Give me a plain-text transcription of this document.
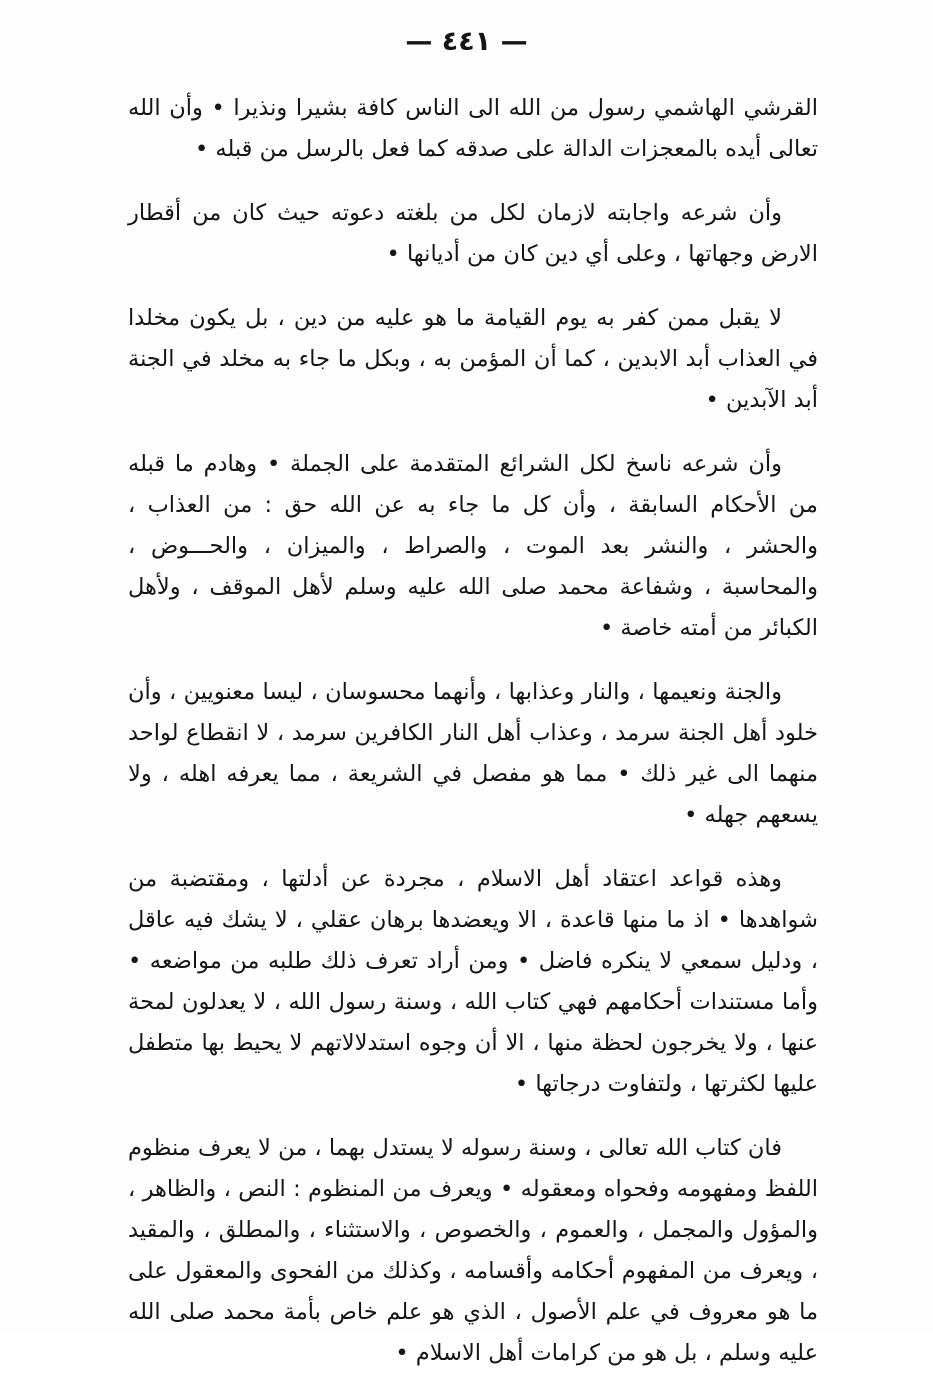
— ٤٤١ —

القرشي الهاشمي رسول من الله الى الناس كافة بشيرا ونذيرا • وأن الله تعالى أيده بالمعجزات الدالة على صدقه كما فعل بالرسل من قبله •

وأن شرعه واجابته لازمان لكل من بلغته دعوته حيث كان من أقطار الارض وجهاتها ، وعلى أي دين كان من أديانها •

لا يقبل ممن كفر به يوم القيامة ما هو عليه من دين ، بل يكون مخلدا في العذاب أبد الابدين ، كما أن المؤمن به ، وبكل ما جاء به مخلد في الجنة أبد الآبدين •

وأن شرعه ناسخ لكل الشرائع المتقدمة على الجملة • وهادم ما قبله من الأحكام السابقة ، وأن كل ما جاء به عن الله حق : من العذاب ، والحشر ، والنشر بعد الموت ، والصراط ، والميزان ، والحـــوض ، والمحاسبة ، وشفاعة محمد صلى الله عليه وسلم لأهل الموقف ، ولأهل الكبائر من أمته خاصة •

والجنة ونعيمها ، والنار وعذابها ، وأنهما محسوسان ، ليسا معنويين ، وأن خلود أهل الجنة سرمد ، وعذاب أهل النار الكافرين سرمد ، لا انقطاع لواحد منهما الى غير ذلك • مما هو مفصل في الشريعة ، مما يعرفه اهله ، ولا يسعهم جهله •

وهذه قواعد اعتقاد أهل الاسلام ، مجردة عن أدلتها ، ومقتضبة من شواهدها • اذ ما منها قاعدة ، الا ويعضدها برهان عقلي ، لا يشك فيه عاقل ، ودليل سمعي لا ينكره فاضل • ومن أراد تعرف ذلك طلبه من مواضعه • وأما مستندات أحكامهم فهي كتاب الله ، وسنة رسول الله ، لا يعدلون لمحة عنها ، ولا يخرجون لحظة منها ، الا أن وجوه استدلالاتهم لا يحيط بها متطفل عليها لكثرتها ، ولتفاوت درجاتها •

فان كتاب الله تعالى ، وسنة رسوله لا يستدل بهما ، من لا يعرف منظوم اللفظ ومفهومه وفحواه ومعقوله • ويعرف من المنظوم : النص ، والظاهر ، والمؤول والمجمل ، والعموم ، والخصوص ، والاستثناء ، والمطلق ، والمقيد ، ويعرف من المفهوم أحكامه وأقسامه ، وكذلك من الفحوى والمعقول على ما هو معروف في علم الأصول ، الذي هو علم خاص بأمة محمد صلى الله عليه وسلم ، بل هو من كرامات أهل الاسلام •
